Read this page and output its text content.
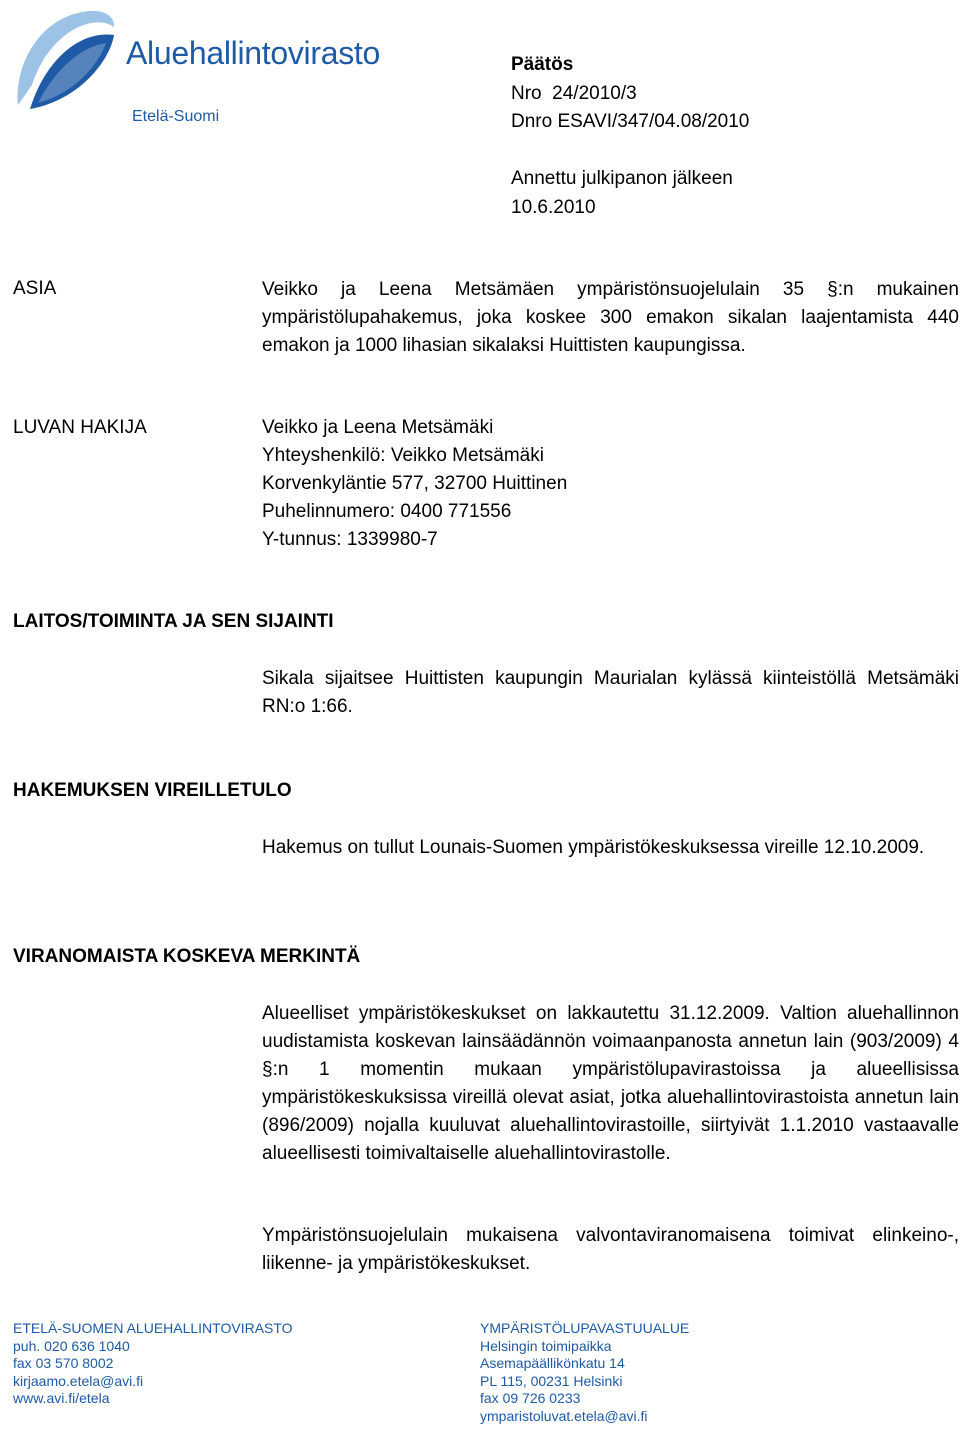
Aluehallintovirasto
Etelä-Suomi
Päätös
Nro  24/2010/3
Dnro ESAVI/347/04.08/2010

Annettu julkipanon jälkeen
10.6.2010
ASIA	Veikko ja Leena Metsämäen ympäristönsuojelulain 35 §:n mukainen ympäristölupahakemus, joka koskee 300 emakon sikalan laajentamista 440 emakon ja 1000 lihasian sikalaksi Huittisten kaupungissa.
LUVAN HAKIJA	Veikko ja Leena Metsämäki
Yhteyshenkilö: Veikko Metsämäki
Korvenkyläntie 577, 32700 Huittinen
Puhelinnumero: 0400 771556
Y-tunnus: 1339980-7
LAITOS/TOIMINTA JA SEN SIJAINTI
Sikala sijaitsee Huittisten kaupungin Maurialan kylässä kiinteistöllä Metsämäki RN:o 1:66.
HAKEMUKSEN VIREILLETULO
Hakemus on tullut Lounais-Suomen ympäristökeskuksessa vireille 12.10.2009.
VIRANOMAISTA KOSKEVA MERKINTÄ
Alueelliset ympäristökeskukset on lakkautettu 31.12.2009. Valtion aluehallinnon uudistamista koskevan lainsäädännön voimaanpanosta annetun lain (903/2009) 4 §:n 1 momentin mukaan ympäristölupavirastoissa ja alueellisissa ympäristökeskuksissa vireillä olevat asiat, jotka aluehallintovirastoista annetun lain (896/2009) nojalla kuuluvat aluehallintovirastoille, siirtyivät 1.1.2010 vastaavalle alueellisesti toimivaltaiselle aluehallintovirastolle.
Ympäristönsuojelulain mukaisena valvontaviranomaisena toimivat elinkeino-, liikenne- ja ympäristökeskukset.
ETELÄ-SUOMEN ALUEHALLINTOVIRASTO
puh. 020 636 1040
fax 03 570 8002
kirjaamo.etela@avi.fi
www.avi.fi/etela
YMPÄRISTÖLUPAVASTUUALUE
Helsingin toimipaikka
Asemapäällikönkatu 14
PL 115, 00231 Helsinki
fax 09 726 0233
ymparistoluvat.etela@avi.fi
